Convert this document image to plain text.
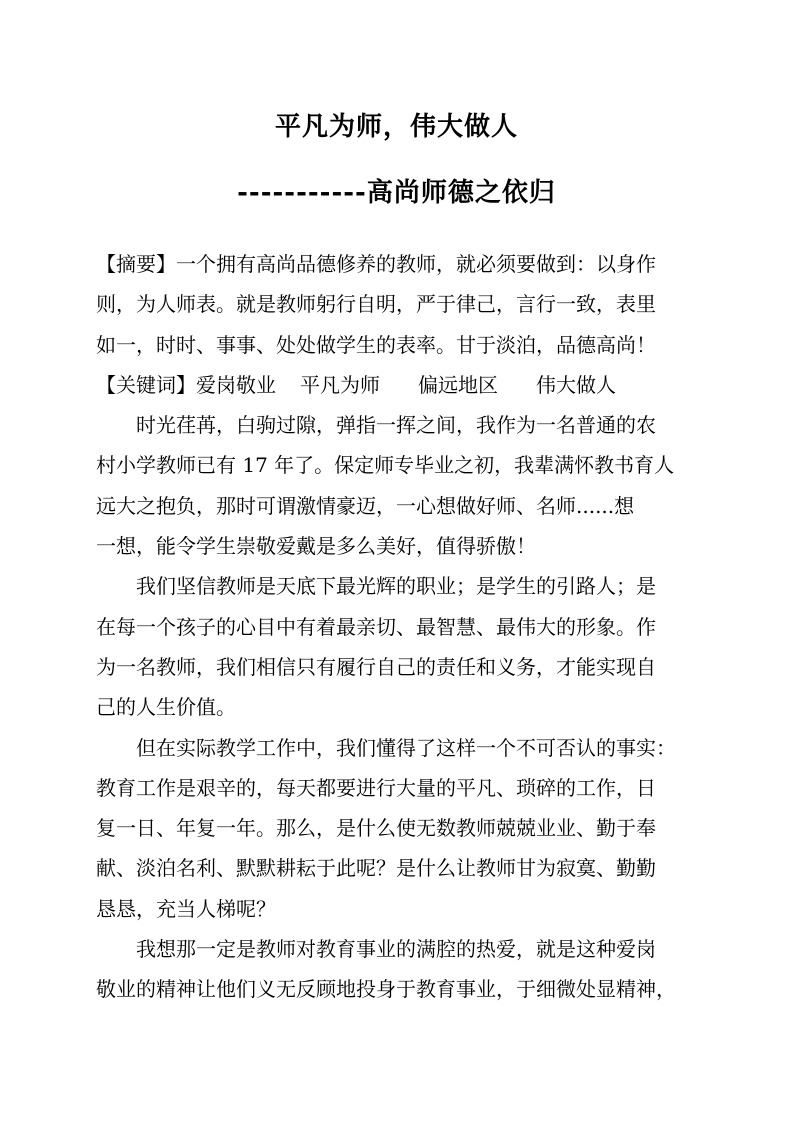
平凡为师，伟大做人
-----------高尚师德之依归
【摘要】一个拥有高尚品德修养的教师，就必须要做到：以身作
则，为人师表。就是教师躬行自明，严于律己，言行一致，表里
如一，时时、事事、处处做学生的表率。甘于淡泊，品德高尚！
【关键词】爱岗敬业 平凡为师 偏远地区 伟大做人
时光荏苒，白驹过隙，弹指一挥之间，我作为一名普通的农
村小学教师已有 17 年了。保定师专毕业之初，我辈满怀教书育人
远大之抱负，那时可谓激情豪迈，一心想做好师、名师......想
一想，能令学生崇敬爱戴是多么美好，值得骄傲！
我们坚信教师是天底下最光辉的职业；是学生的引路人；是
在每一个孩子的心目中有着最亲切、最智慧、最伟大的形象。作
为一名教师，我们相信只有履行自己的责任和义务，才能实现自
己的人生价值。
但在实际教学工作中，我们懂得了这样一个不可否认的事实：
教育工作是艰辛的，每天都要进行大量的平凡、琐碎的工作，日
复一日、年复一年。那么，是什么使无数教师兢兢业业、勤于奉
献、淡泊名利、默默耕耘于此呢？是什么让教师甘为寂寞、勤勤
恳恳，充当人梯呢？
我想那一定是教师对教育事业的满腔的热爱，就是这种爱岗
敬业的精神让他们义无反顾地投身于教育事业，于细微处显精神，
